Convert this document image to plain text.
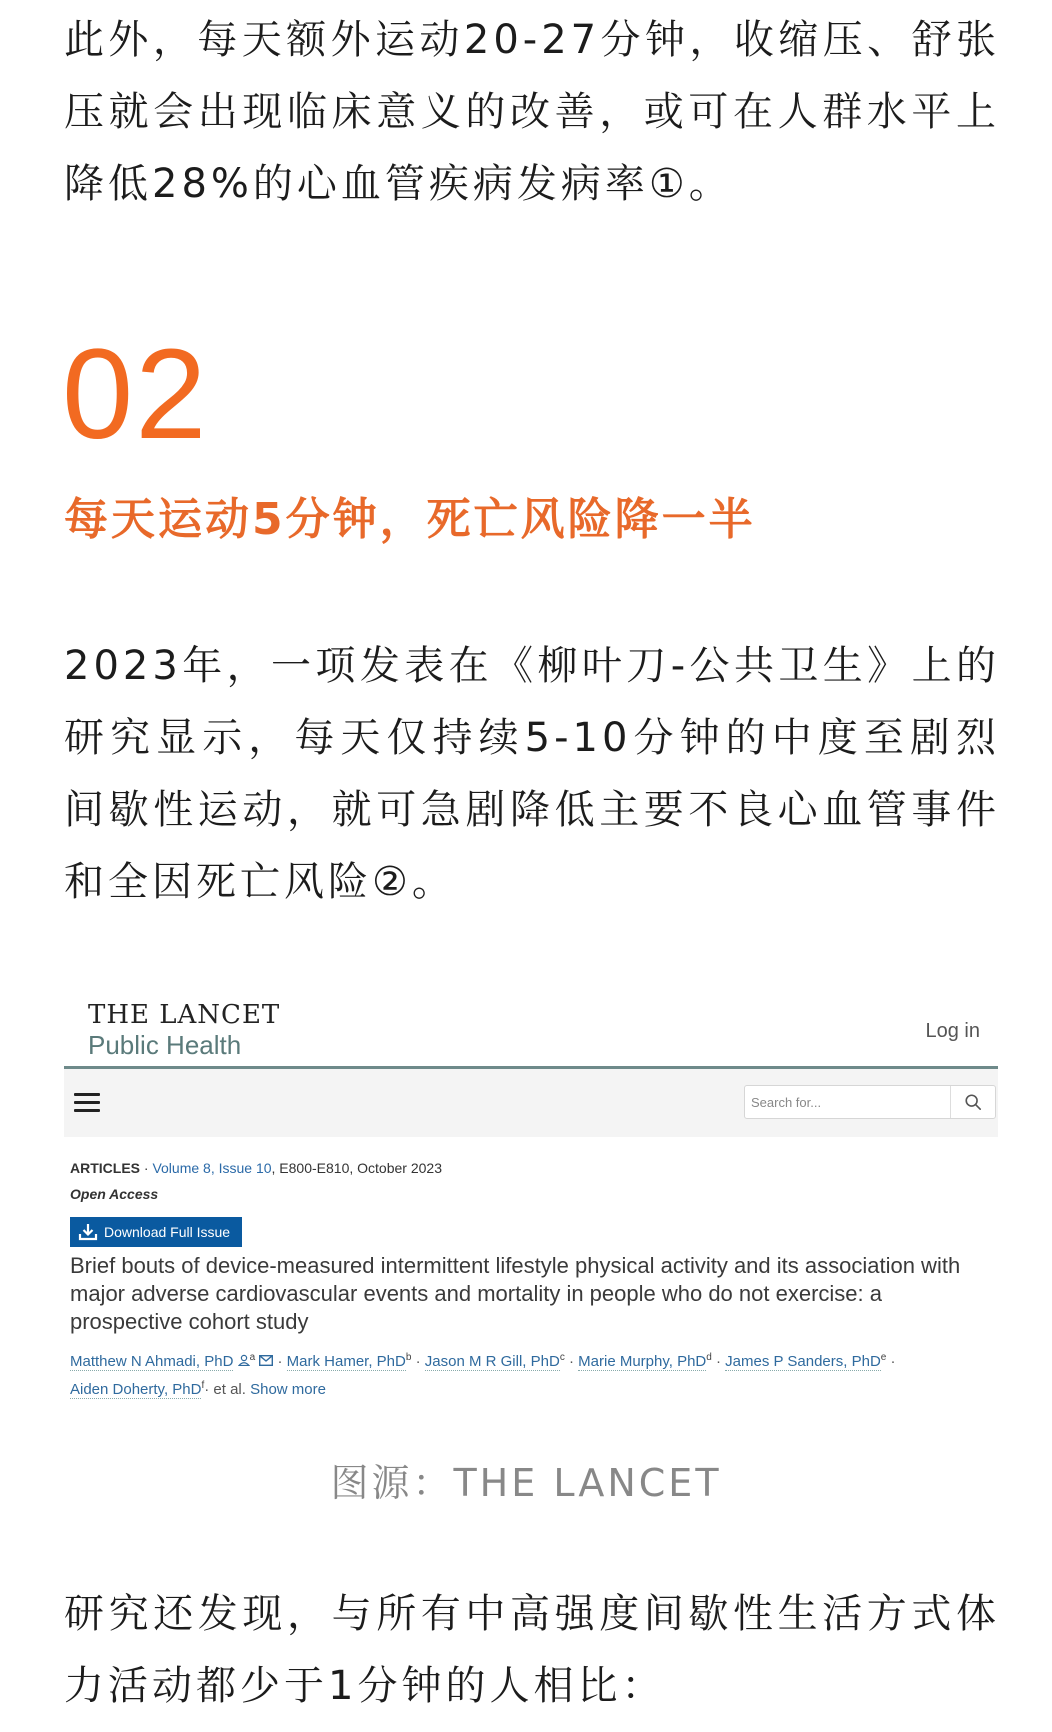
此外，每天额外运动20-27分钟，收缩压、舒张压就会出现临床意义的改善，或可在人群水平上降低28%的心血管疾病发病率①。

02
每天运动5分钟，死亡风险降一半

2023年，一项发表在《柳叶刀-公共卫生》上的研究显示，每天仅持续5-10分钟的中度至剧烈间歇性运动，就可急剧降低主要不良心血管事件和全因死亡风险②。

THE LANCET
Public Health	Log in
Search for...
ARTICLES · Volume 8, Issue 10, E800-E810, October 2023
Open Access
Download Full Issue

Brief bouts of device-measured intermittent lifestyle physical activity and its association with major adverse cardiovascular events and mortality in people who do not exercise: a prospective cohort study

Matthew N Ahmadi, PhD $^a$  · Mark Hamer, PhD$^b$ · Jason M R Gill, PhD$^c$ · Marie Murphy, PhD$^d$ · James P Sanders, PhD$^e$ ·
Aiden Doherty, PhD$^f$· et al. Show more
图源：THE LANCET

研究还发现，与所有中高强度间歇性生活方式体力活动都少于1分钟的人相比：
